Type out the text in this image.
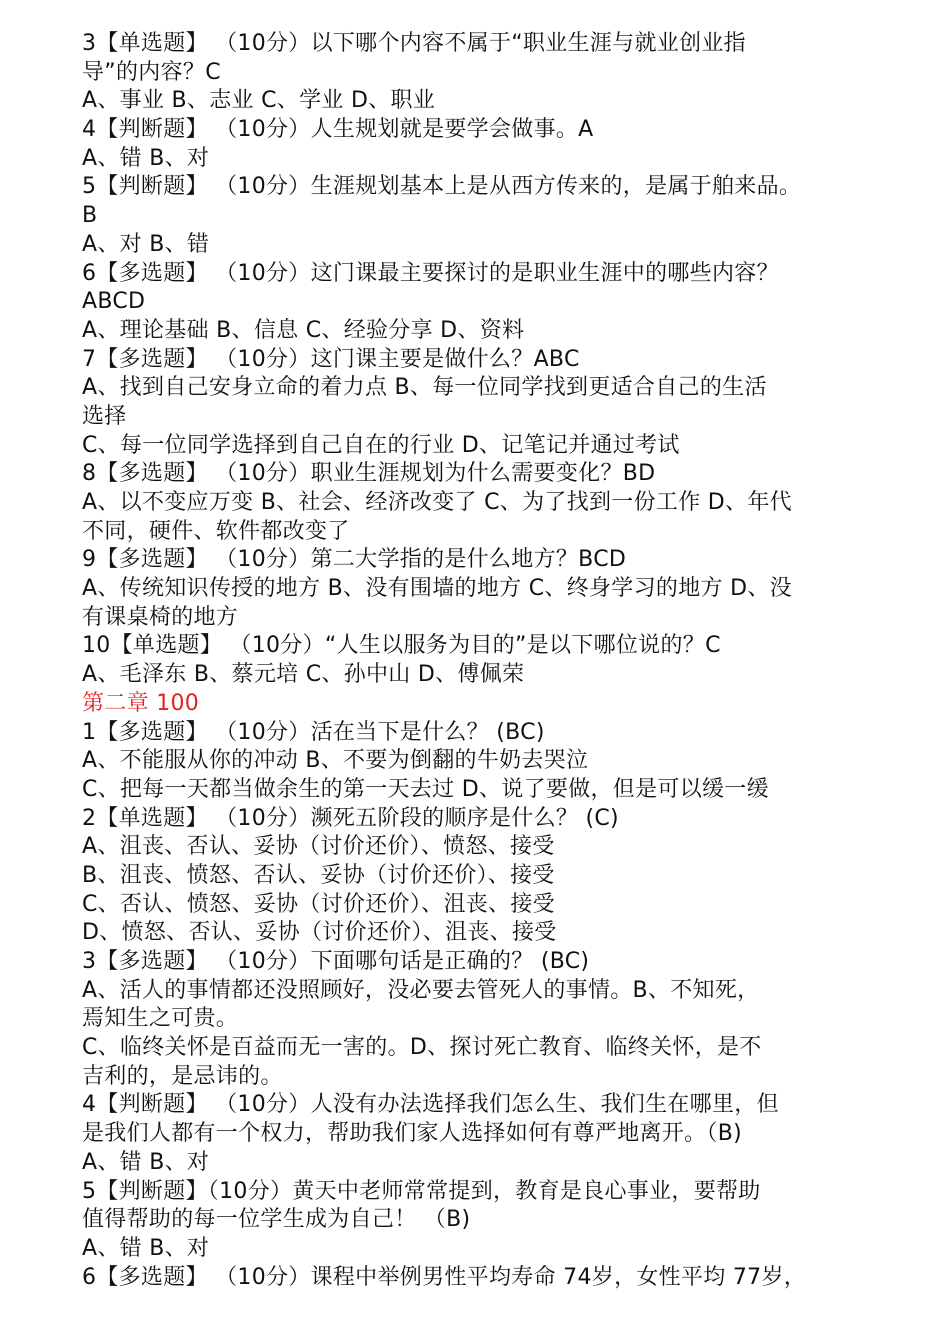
3【单选题】 （10分）以下哪个内容不属于“职业生涯与就业创业指
导”的内容？C
A、事业 B、志业 C、学业 D、职业
4【判断题】 （10分）人生规划就是要学会做事。A
A、错 B、对
5【判断题】 （10分）生涯规划基本上是从西方传来的，是属于舶来品。
B
A、对 B、错
6【多选题】 （10分）这门课最主要探讨的是职业生涯中的哪些内容？
ABCD
A、理论基础 B、信息 C、经验分享 D、资料
7【多选题】 （10分）这门课主要是做什么？ABC
A、找到自己安身立命的着力点 B、每一位同学找到更适合自己的生活
选择
C、每一位同学选择到自己自在的行业 D、记笔记并通过考试
8【多选题】 （10分）职业生涯规划为什么需要变化？BD
A、以不变应万变 B、社会、经济改变了 C、为了找到一份工作 D、年代
不同，硬件、软件都改变了
9【多选题】 （10分）第二大学指的是什么地方？BCD
A、传统知识传授的地方 B、没有围墙的地方 C、终身学习的地方 D、没
有课桌椅的地方
10【单选题】 （10分）“人生以服务为目的”是以下哪位说的？C
A、毛泽东 B、蔡元培 C、孙中山 D、傅佩荣
第二章 100
1【多选题】 （10分）活在当下是什么？ (BC)
A、不能服从你的冲动 B、不要为倒翻的牛奶去哭泣
C、把每一天都当做余生的第一天去过 D、说了要做，但是可以缓一缓
2【单选题】 （10分）濒死五阶段的顺序是什么？ (C)
A、沮丧、否认、妥协（讨价还价）、愤怒、接受
B、沮丧、愤怒、否认、妥协（讨价还价）、接受
C、否认、愤怒、妥协（讨价还价）、沮丧、接受
D、愤怒、否认、妥协（讨价还价）、沮丧、接受
3【多选题】 （10分）下面哪句话是正确的？ (BC)
A、活人的事情都还没照顾好，没必要去管死人的事情。B、不知死，
焉知生之可贵。
C、临终关怀是百益而无一害的。D、探讨死亡教育、临终关怀，是不
吉利的，是忌讳的。
4【判断题】 （10分）人没有办法选择我们怎么生、我们生在哪里，但
是我们人都有一个权力，帮助我们家人选择如何有尊严地离开。（B)
A、错 B、对
5【判断题】（10分）黄天中老师常常提到，教育是良心事业，要帮助
值得帮助的每一位学生成为自己！ （B)
A、错 B、对
6【多选题】 （10分）课程中举例男性平均寿命 74岁，女性平均 77岁，
